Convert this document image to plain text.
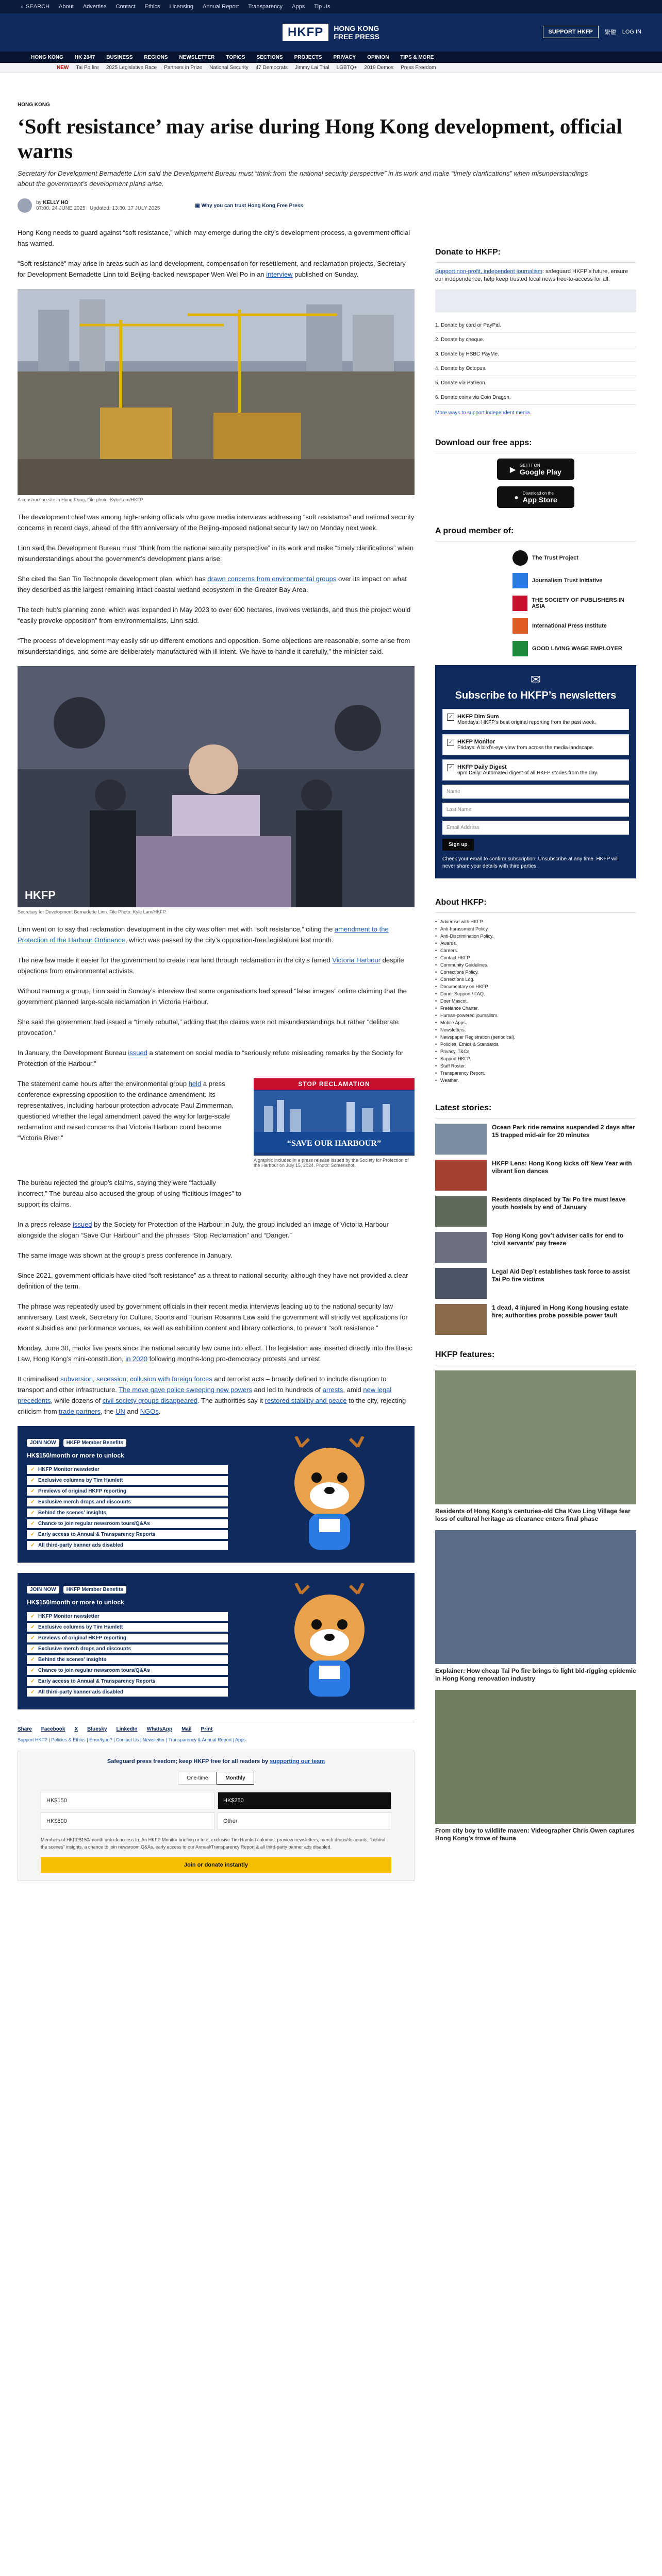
⌕ SEARCH About Advertise Contact Ethics Licensing Annual Report Transparency Apps Tip Us
HKFP	HONG KONG
FREE PRESS
SUPPORT HKFP	繁體 LOG IN
HONG KONG HK 2047 BUSINESS REGIONS NEWSLETTER TOPICS SECTIONS PROJECTS PRIVACY OPINION TIPS & MORE
NEW Tai Po fire 2025 Legislative Race Partners in Prize National Security 47 Democrats Jimmy Lai Trial LGBTQ+ 2019 Demos Press Freedom
HONG KONG
‘Soft resistance’ may arise during Hong Kong development, official warns
Secretary for Development Bernadette Linn said the Development Bureau must “think from the national security perspective” in its work and make “timely clarifications” when misunderstandings about the government’s development plans arise.
by KELLY HO
07:00, 24 JUNE 2025 Updated: 13:30, 17 JULY 2025	▣ Why you can trust Hong Kong Free Press

Hong Kong needs to guard against “soft resistance,” which may emerge during the city’s development process, a government official has warned.

“Soft resistance” may arise in areas such as land development, compensation for resettlement, and reclamation projects, Secretary for Development Bernadette Linn told Beijing-backed newspaper Wen Wei Po in an interview published on Sunday.

A construction site in Hong Kong. File photo: Kyle Lam/HKFP.

The development chief was among high-ranking officials who gave media interviews addressing “soft resistance” and national security concerns in recent days, ahead of the fifth anniversary of the Beijing-imposed national security law on Monday next week.

Linn said the Development Bureau must “think from the national security perspective” in its work and make “timely clarifications” when misunderstandings about the government’s development plans arise.

She cited the San Tin Technopole development plan, which has drawn concerns from environmental groups over its impact on what they described as the largest remaining intact coastal wetland ecosystem in the Greater Bay Area.

The tech hub’s planning zone, which was expanded in May 2023 to over 600 hectares, involves wetlands, and thus the project would “easily provoke opposition” from environmentalists, Linn said.

“The process of development may easily stir up different emotions and opposition. Some objections are reasonable, some arise from misunderstandings, and some are deliberately manufactured with ill intent. We have to handle it carefully,” the minister said.

HKFP
Secretary for Development Bernadette Linn. File Photo: Kyle Lam/HKFP.

Linn went on to say that reclamation development in the city was often met with “soft resistance,” citing the amendment to the Protection of the Harbour Ordinance, which was passed by the city’s opposition-free legislature last month.

The new law made it easier for the government to create new land through reclamation in the city’s famed Victoria Harbour despite objections from environmental activists.

Without naming a group, Linn said in Sunday’s interview that some organisations had spread “false images” online claiming that the government planned large-scale reclamation in Victoria Harbour.

She said the government had issued a “timely rebuttal,” adding that the claims were not misunderstandings but rather “deliberate provocation.”

In January, the Development Bureau issued a statement on social media to “seriously refute misleading remarks by the Society for Protection of the Harbour.”

The statement came hours after the environmental group held a press conference expressing opposition to the ordinance amendment. Its representatives, including harbour protection advocate Paul Zimmerman, questioned whether the legal amendment paved the way for large-scale reclamation and raised concerns that Victoria Harbour could become “Victoria River.”

STOP RECLAMATION
“SAVE OUR HARBOUR”
A graphic included in a press release issued by the Society for Protection of the Harbour on July 15, 2024. Photo: Screenshot.

The bureau rejected the group’s claims, saying they were “factually incorrect.” The bureau also accused the group of using “fictitious images” to support its claims.

In a press release issued by the Society for Protection of the Harbour in July, the group included an image of Victoria Harbour alongside the slogan “Save Our Harbour” and the phrases “Stop Reclamation” and “Danger.”

The same image was shown at the group’s press conference in January.

Since 2021, government officials have cited “soft resistance” as a threat to national security, although they have not provided a clear definition of the term.

The phrase was repeatedly used by government officials in their recent media interviews leading up to the national security law anniversary. Last week, Secretary for Culture, Sports and Tourism Rosanna Law said the government will strictly vet applications for event subsidies and performance venues, as well as exhibition content and library collections, to prevent “soft resistance.”

Monday, June 30, marks five years since the national security law came into effect. The legislation was inserted directly into the Basic Law, Hong Kong’s mini-constitution, in 2020 following months-long pro-democracy protests and unrest.

It criminalised subversion, secession, collusion with foreign forces and terrorist acts – broadly defined to include disruption to transport and other infrastructure. The move gave police sweeping new powers and led to hundreds of arrests, amid new legal precedents, while dozens of civil society groups disappeared. The authorities say it restored stability and peace to the city, rejecting criticism from trade partners, the UN and NGOs.

JOIN NOW HKFP Member Benefits
HK$150/month or more to unlock
✓ HKFP Monitor newsletter
✓ Exclusive columns by Tim Hamlett
✓ Previews of original HKFP reporting
✓ Exclusive merch drops and discounts
✓ Behind the scenes' insights
✓ Chance to join regular newsroom tours/Q&As
✓ Early access to Annual & Transparency Reports
✓ All third-party banner ads disabled
JOIN NOW HKFP Member Benefits
HK$150/month or more to unlock
✓ HKFP Monitor newsletter
✓ Exclusive columns by Tim Hamlett
✓ Previews of original HKFP reporting
✓ Exclusive merch drops and discounts
✓ Behind the scenes' insights
✓ Chance to join regular newsroom tours/Q&As
✓ Early access to Annual & Transparency Reports
✓ All third-party banner ads disabled
Share Facebook X Bluesky LinkedIn WhatsApp Mail Print
Support HKFP | Policies & Ethics | Error/typo? | Contact Us | Newsletter | Transparency & Annual Report | Apps
Safeguard press freedom; keep HKFP free for all readers by supporting our team
One-time	Monthly
HK$150	HK$250
HK$500	Other
Members of HKFP$150/month unlock access to: An HKFP Monitor briefing or tote, exclusive Tim Hamlett columns, preview newsletters, merch drops/discounts, “behind the scenes” insights, a chance to join newsroom Q&As, early access to our Annual/Transparency Report & all third-party banner ads disabled.
Join or donate instantly
Donate to HKFP:

Support non-profit, independent journalism: safeguard HKFP’s future, ensure our independence, help keep trusted local news free-to-access for all.

1. Donate by card or PayPal.
2. Donate by cheque.
3. Donate by HSBC PayMe.
4. Donate by Octopus.
5. Donate via Patreon.
6. Donate coins via Coin Dragon.
More ways to support independent media.
Download our free apps:
▶ GET IT ON
Google Play
● Download on the
App Store
A proud member of:
The Trust Project
Journalism Trust Initiative
THE SOCIETY OF PUBLISHERS IN ASIA
International Press Institute
GOOD LIVING WAGE EMPLOYER
✉
Subscribe to HKFP’s newsletters
✓ HKFP Dim Sum
Mondays: HKFP’s best original reporting from the past week.
✓ HKFP Monitor
Fridays: A bird’s-eye view from across the media landscape.
✓ HKFP Daily Digest
6pm Daily: Automated digest of all HKFP stories from the day.
Name
Last Name
Email Address
Sign up
Check your email to confirm subscription. Unsubscribe at any time. HKFP will never share your details with third parties.
About HKFP:
• Advertise with HKFP.
• Anti-harassment Policy.
• Anti-Discrimination Policy.
• Awards.
• Careers.
• Contact HKFP.
• Community Guidelines.
• Corrections Policy.
• Corrections Log.
• Documentary on HKFP.
• Donor Support / FAQ.
• Doer Mascot.
• Freelance Charter.
• Human-powered journalism.
• Mobile Apps.
• Newsletters.
• Newspaper Registration (periodical).
• Policies, Ethics & Standards.
• Privacy, T&Cs.
• Support HKFP.
• Staff Roster.
• Transparency Report.
• Weather.
Latest stories:
Ocean Park ride remains suspended 2 days after 15 trapped mid-air for 20 minutes
HKFP Lens: Hong Kong kicks off New Year with vibrant lion dances
Residents displaced by Tai Po fire must leave youth hostels by end of January
Top Hong Kong gov’t adviser calls for end to ‘civil servants’ pay freeze
Legal Aid Dep’t establishes task force to assist Tai Po fire victims
1 dead, 4 injured in Hong Kong housing estate fire; authorities probe possible power fault
HKFP features:
Residents of Hong Kong’s centuries-old Cha Kwo Ling Village fear loss of cultural heritage as clearance enters final phase
Explainer: How cheap Tai Po fire brings to light bid-rigging epidemic in Hong Kong renovation industry
From city boy to wildlife maven: Videographer Chris Owen captures Hong Kong’s trove of fauna
